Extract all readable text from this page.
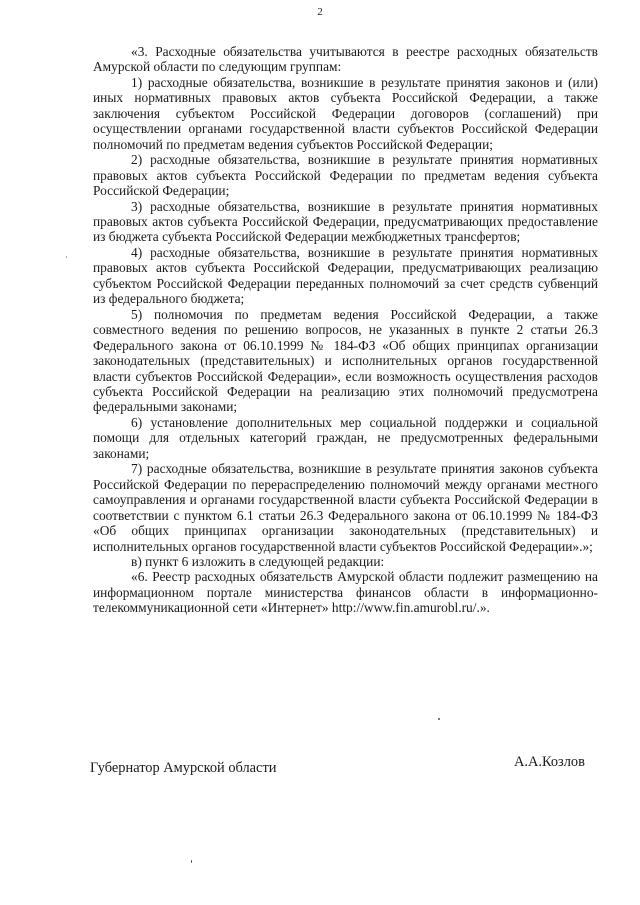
2

«3. Расходные обязательства учитываются в реестре расходных обязательств Амурской области по следующим группам:

1) расходные обязательства, возникшие в результате принятия законов и (или) иных нормативных правовых актов субъекта Российской Федерации, а также заключения субъектом Российской Федерации договоров (соглашений) при осуществлении органами государственной власти субъектов Российской Федерации полномочий по предметам ведения субъектов Российской Федерации;

2) расходные обязательства, возникшие в результате принятия нормативных правовых актов субъекта Российской Федерации по предметам ведения субъекта Российской Федерации;

3) расходные обязательства, возникшие в результате принятия нормативных правовых актов субъекта Российской Федерации, предусматривающих предоставление из бюджета субъекта Российской Федерации межбюджетных трансфертов;

4) расходные обязательства, возникшие в результате принятия нормативных правовых актов субъекта Российской Федерации, предусматривающих реализацию субъектом Российской Федерации переданных полномочий за счет средств субвенций из федерального бюджета;

5) полномочия по предметам ведения Российской Федерации, а также совместного ведения по решению вопросов, не указанных в пункте 2 статьи 26.3 Федерального закона от 06.10.1999 № 184-ФЗ «Об общих принципах организации законодательных (представительных) и исполнительных органов государственной власти субъектов Российской Федерации», если возможность осуществления расходов субъекта Российской Федерации на реализацию этих полномочий предусмотрена федеральными законами;

6) установление дополнительных мер социальной поддержки и социальной помощи для отдельных категорий граждан, не предусмотренных федеральными законами;

7) расходные обязательства, возникшие в результате принятия законов субъекта Российской Федерации по перераспределению полномочий между органами местного самоуправления и органами государственной власти субъекта Российской Федерации в соответствии с пунктом 6.1 статьи 26.3 Федерального закона от 06.10.1999 № 184-ФЗ «Об общих принципах организации законодательных (представительных) и исполнительных органов государственной власти субъектов Российской Федерации».»;

в) пункт 6 изложить в следующей редакции:

«6. Реестр расходных обязательств Амурской области подлежит размещению на информационном портале министерства финансов области в информационно-телекоммуникационной сети «Интернет» http://www.fin.amurobl.ru/.».

Губернатор Амурской области	А.А.Козлов
